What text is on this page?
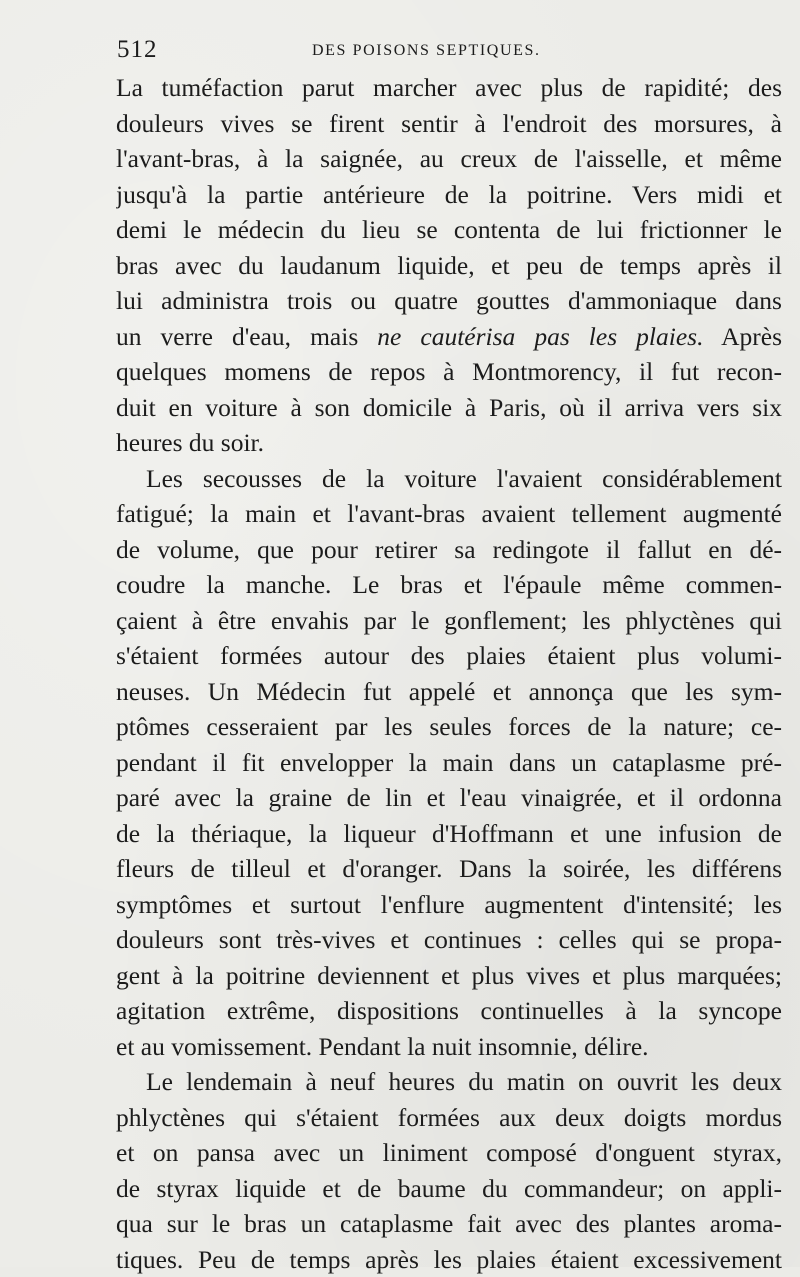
512	DES POISONS SEPTIQUES.
La tuméfaction parut marcher avec plus de rapidité; des
douleurs vives se firent sentir à l'endroit des morsures, à
l'avant-bras, à la saignée, au creux de l'aisselle, et même
jusqu'à la partie antérieure de la poitrine. Vers midi et
demi le médecin du lieu se contenta de lui frictionner le
bras avec du laudanum liquide, et peu de temps après il
lui administra trois ou quatre gouttes d'ammoniaque dans
un verre d'eau, mais ne cautérisa pas les plaies. Après
quelques momens de repos à Montmorency, il fut recon-
duit en voiture à son domicile à Paris, où il arriva vers six
heures du soir.
Les secousses de la voiture l'avaient considérablement
fatigué; la main et l'avant-bras avaient tellement augmenté
de volume, que pour retirer sa redingote il fallut en dé-
coudre la manche. Le bras et l'épaule même commen-
çaient à être envahis par le gonflement; les phlyctènes qui
s'étaient formées autour des plaies étaient plus volumi-
neuses. Un Médecin fut appelé et annonça que les sym-
ptômes cesseraient par les seules forces de la nature; ce-
pendant il fit envelopper la main dans un cataplasme pré-
paré avec la graine de lin et l'eau vinaigrée, et il ordonna
de la thériaque, la liqueur d'Hoffmann et une infusion de
fleurs de tilleul et d'oranger. Dans la soirée, les différens
symptômes et surtout l'enflure augmentent d'intensité; les
douleurs sont très-vives et continues : celles qui se propa-
gent à la poitrine deviennent et plus vives et plus marquées;
agitation extrême, dispositions continuelles à la syncope
et au vomissement. Pendant la nuit insomnie, délire.
Le lendemain à neuf heures du matin on ouvrit les deux
phlyctènes qui s'étaient formées aux deux doigts mordus
et on pansa avec un liniment composé d'onguent styrax,
de styrax liquide et de baume du commandeur; on appli-
qua sur le bras un cataplasme fait avec des plantes aroma-
tiques. Peu de temps après les plaies étaient excessivement
